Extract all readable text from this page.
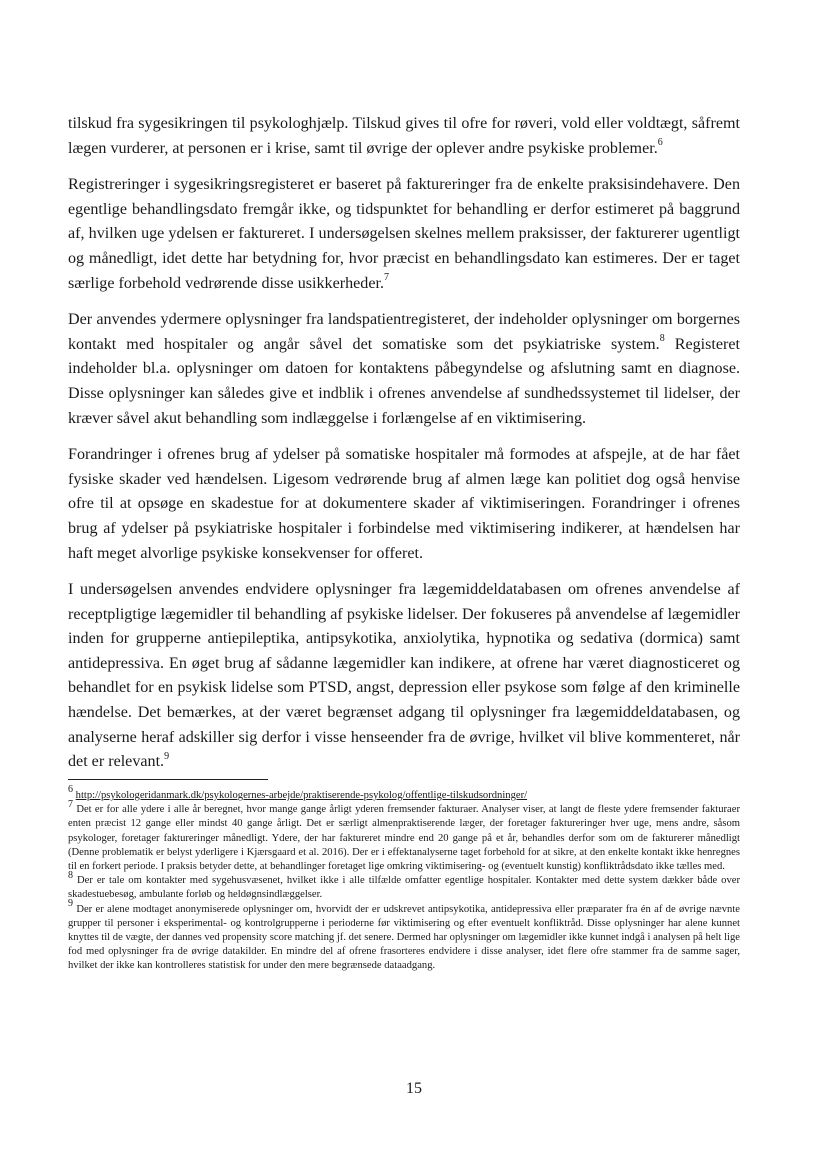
tilskud fra sygesikringen til psykologhjælp. Tilskud gives til ofre for røveri, vold eller voldtægt, såfremt lægen vurderer, at personen er i krise, samt til øvrige der oplever andre psykiske problemer.$^6$

Registreringer i sygesikringsregisteret er baseret på faktureringer fra de enkelte praksisindehavere. Den egentlige behandlingsdato fremgår ikke, og tidspunktet for behandling er derfor estimeret på baggrund af, hvilken uge ydelsen er faktureret. I undersøgelsen skelnes mellem praksisser, der fakturerer ugentligt og månedligt, idet dette har betydning for, hvor præcist en behandlingsdato kan estimeres. Der er taget særlige forbehold vedrørende disse usikkerheder.$^7$

Der anvendes ydermere oplysninger fra landspatientregisteret, der indeholder oplysninger om borgernes kontakt med hospitaler og angår såvel det somatiske som det psykiatriske system.$^8$ Registeret indeholder bl.a. oplysninger om datoen for kontaktens påbegyndelse og afslutning samt en diagnose. Disse oplysninger kan således give et indblik i ofrenes anvendelse af sundhedssystemet til lidelser, der kræver såvel akut behandling som indlæggelse i forlængelse af en viktimisering.

Forandringer i ofrenes brug af ydelser på somatiske hospitaler må formodes at afspejle, at de har fået fysiske skader ved hændelsen. Ligesom vedrørende brug af almen læge kan politiet dog også henvise ofre til at opsøge en skadestue for at dokumentere skader af viktimiseringen. Forandringer i ofrenes brug af ydelser på psykiatriske hospitaler i forbindelse med viktimisering indikerer, at hændelsen har haft meget alvorlige psykiske konsekvenser for offeret.

I undersøgelsen anvendes endvidere oplysninger fra lægemiddeldatabasen om ofrenes anvendelse af receptpligtige lægemidler til behandling af psykiske lidelser. Der fokuseres på anvendelse af lægemidler inden for grupperne antiepileptika, antipsykotika, anxiolytika, hypnotika og sedativa (dormica) samt antidepressiva. En øget brug af sådanne lægemidler kan indikere, at ofrene har været diagnosticeret og behandlet for en psykisk lidelse som PTSD, angst, depression eller psykose som følge af den kriminelle hændelse. Det bemærkes, at der været begrænset adgang til oplysninger fra lægemiddeldatabasen, og analyserne heraf adskiller sig derfor i visse henseender fra de øvrige, hvilket vil blive kommenteret, når det er relevant.$^9$

$^6$ http://psykologeridanmark.dk/psykologernes-arbejde/praktiserende-psykolog/offentlige-tilskudsordninger/

$^7$ Det er for alle ydere i alle år beregnet, hvor mange gange årligt yderen fremsender fakturaer. Analyser viser, at langt de fleste ydere fremsender fakturaer enten præcist 12 gange eller mindst 40 gange årligt. Det er særligt almenpraktiserende læger, der foretager faktureringer hver uge, mens andre, såsom psykologer, foretager faktureringer månedligt. Ydere, der har faktureret mindre end 20 gange på et år, behandles derfor som om de fakturerer månedligt (Denne problematik er belyst yderligere i Kjærsgaard et al. 2016). Der er i effektanalyserne taget forbehold for at sikre, at den enkelte kontakt ikke henregnes til en forkert periode. I praksis betyder dette, at behandlinger foretaget lige omkring viktimisering- og (eventuelt kunstig) konfliktrådsdato ikke tælles med.

$^8$ Der er tale om kontakter med sygehusvæsenet, hvilket ikke i alle tilfælde omfatter egentlige hospitaler. Kontakter med dette system dækker både over skadestuebesøg, ambulante forløb og heldøgnsindlæggelser.

$^9$ Der er alene modtaget anonymiserede oplysninger om, hvorvidt der er udskrevet antipsykotika, antidepressiva eller præparater fra én af de øvrige nævnte grupper til personer i eksperimental- og kontrolgrupperne i perioderne før viktimisering og efter eventuelt konfliktråd. Disse oplysninger har alene kunnet knyttes til de vægte, der dannes ved propensity score matching jf. det senere. Dermed har oplysninger om lægemidler ikke kunnet indgå i analysen på helt lige fod med oplysninger fra de øvrige datakilder. En mindre del af ofrene frasorteres endvidere i disse analyser, idet flere ofre stammer fra de samme sager, hvilket der ikke kan kontrolleres statistisk for under den mere begrænsede dataadgang.

15
